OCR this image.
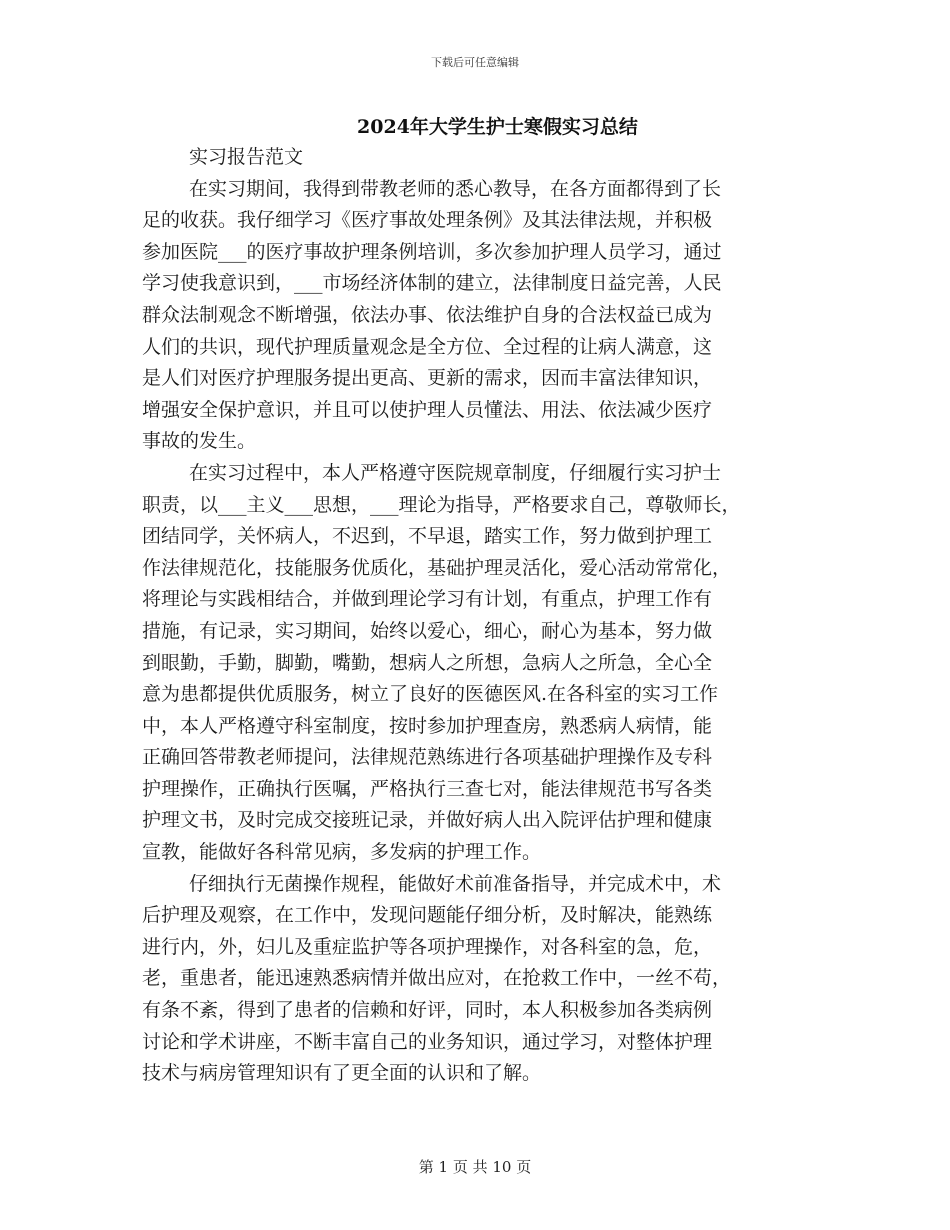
下载后可任意编辑
2024年大学生护士寒假实习总结
实习报告范文
在实习期间，我得到带教老师的悉心教导，在各方面都得到了长
足的收获。我仔细学习《医疗事故处理条例》及其法律法规，并积极
参加医院___的医疗事故护理条例培训，多次参加护理人员学习，通过
学习使我意识到，___市场经济体制的建立，法律制度日益完善，人民
群众法制观念不断增强，依法办事、依法维护自身的合法权益已成为
人们的共识，现代护理质量观念是全方位、全过程的让病人满意，这
是人们对医疗护理服务提出更高、更新的需求，因而丰富法律知识，
增强安全保护意识，并且可以使护理人员懂法、用法、依法减少医疗
事故的发生。
在实习过程中，本人严格遵守医院规章制度，仔细履行实习护士
职责，以___主义___思想，___理论为指导，严格要求自己，尊敬师长，
团结同学，关怀病人，不迟到，不早退，踏实工作，努力做到护理工
作法律规范化，技能服务优质化，基础护理灵活化，爱心活动常常化，
将理论与实践相结合，并做到理论学习有计划，有重点，护理工作有
措施，有记录，实习期间，始终以爱心，细心，耐心为基本，努力做
到眼勤，手勤，脚勤，嘴勤，想病人之所想，急病人之所急，全心全
意为患都提供优质服务，树立了良好的医德医风.在各科室的实习工作
中，本人严格遵守科室制度，按时参加护理查房，熟悉病人病情，能
正确回答带教老师提问，法律规范熟练进行各项基础护理操作及专科
护理操作，正确执行医嘱，严格执行三查七对，能法律规范书写各类
护理文书，及时完成交接班记录，并做好病人出入院评估护理和健康
宣教，能做好各科常见病，多发病的护理工作。
仔细执行无菌操作规程，能做好术前准备指导，并完成术中，术
后护理及观察，在工作中，发现问题能仔细分析，及时解决，能熟练
进行内，外，妇儿及重症监护等各项护理操作，对各科室的急，危，
老，重患者，能迅速熟悉病情并做出应对，在抢救工作中，一丝不苟，
有条不紊，得到了患者的信赖和好评，同时，本人积极参加各类病例
讨论和学术讲座，不断丰富自己的业务知识，通过学习，对整体护理
技术与病房管理知识有了更全面的认识和了解。
第 1 页 共 10 页
